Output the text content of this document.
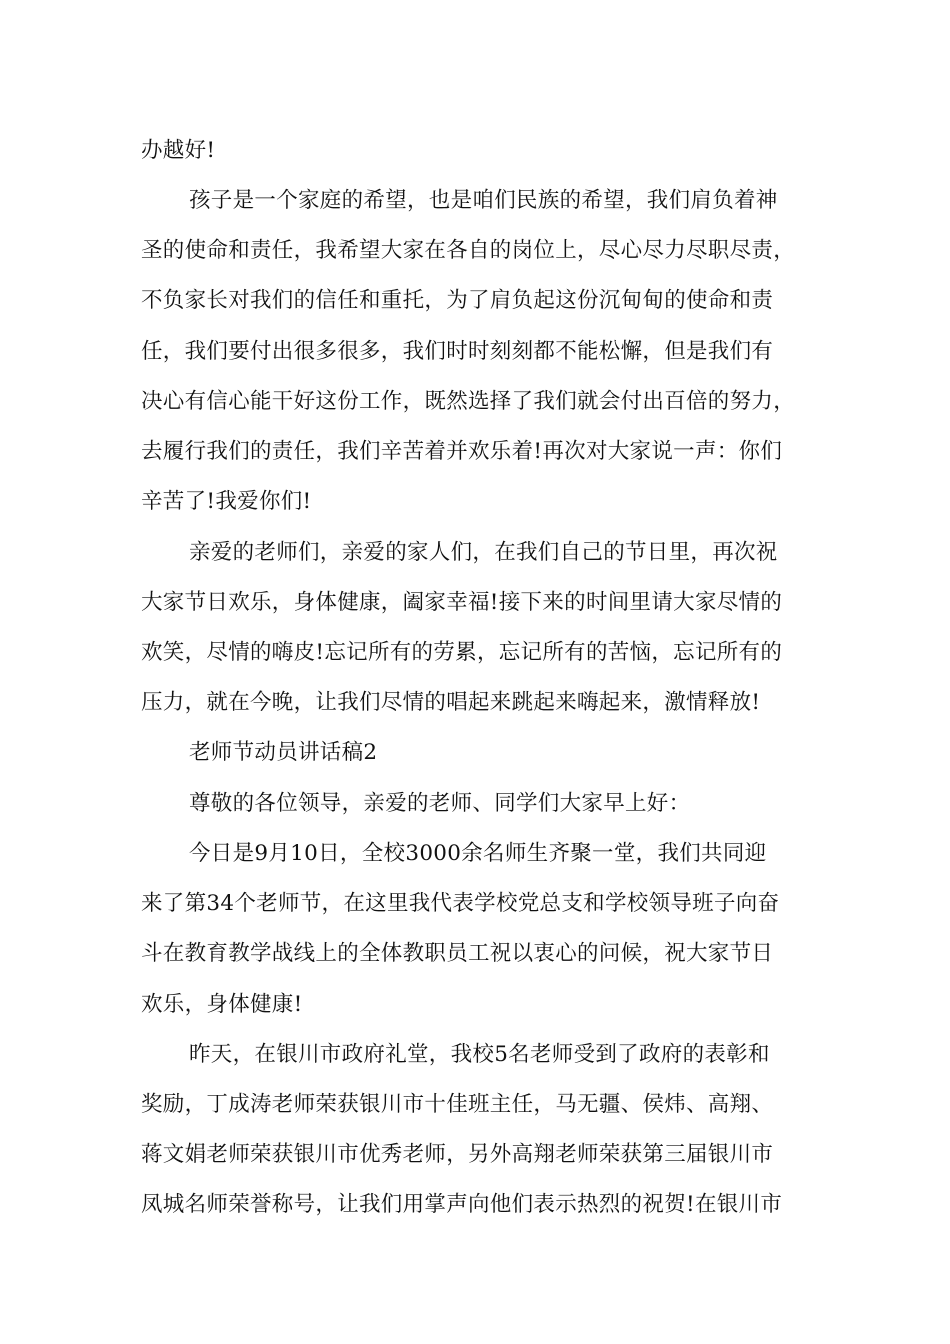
办越好!
孩子是一个家庭的希望，也是咱们民族的希望，我们肩负着神
圣的使命和责任，我希望大家在各自的岗位上，尽心尽力尽职尽责，
不负家长对我们的信任和重托，为了肩负起这份沉甸甸的使命和责
任，我们要付出很多很多，我们时时刻刻都不能松懈，但是我们有
决心有信心能干好这份工作，既然选择了我们就会付出百倍的努力，
去履行我们的责任，我们辛苦着并欢乐着!再次对大家说一声：你们
辛苦了!我爱你们!
亲爱的老师们，亲爱的家人们，在我们自己的节日里，再次祝
大家节日欢乐，身体健康，阖家幸福!接下来的时间里请大家尽情的
欢笑，尽情的嗨皮!忘记所有的劳累，忘记所有的苦恼，忘记所有的
压力，就在今晚，让我们尽情的唱起来跳起来嗨起来，激情释放!
老师节动员讲话稿2
尊敬的各位领导，亲爱的老师、同学们大家早上好：
今日是9月10日，全校3000余名师生齐聚一堂，我们共同迎
来了第34个老师节，在这里我代表学校党总支和学校领导班子向奋
斗在教育教学战线上的全体教职员工祝以衷心的问候，祝大家节日
欢乐，身体健康!
昨天，在银川市政府礼堂，我校5名老师受到了政府的表彰和
奖励，丁成涛老师荣获银川市十佳班主任，马无疆、侯炜、高翔、
蒋文娟老师荣获银川市优秀老师，另外高翔老师荣获第三届银川市
凤城名师荣誉称号，让我们用掌声向他们表示热烈的祝贺!在银川市
